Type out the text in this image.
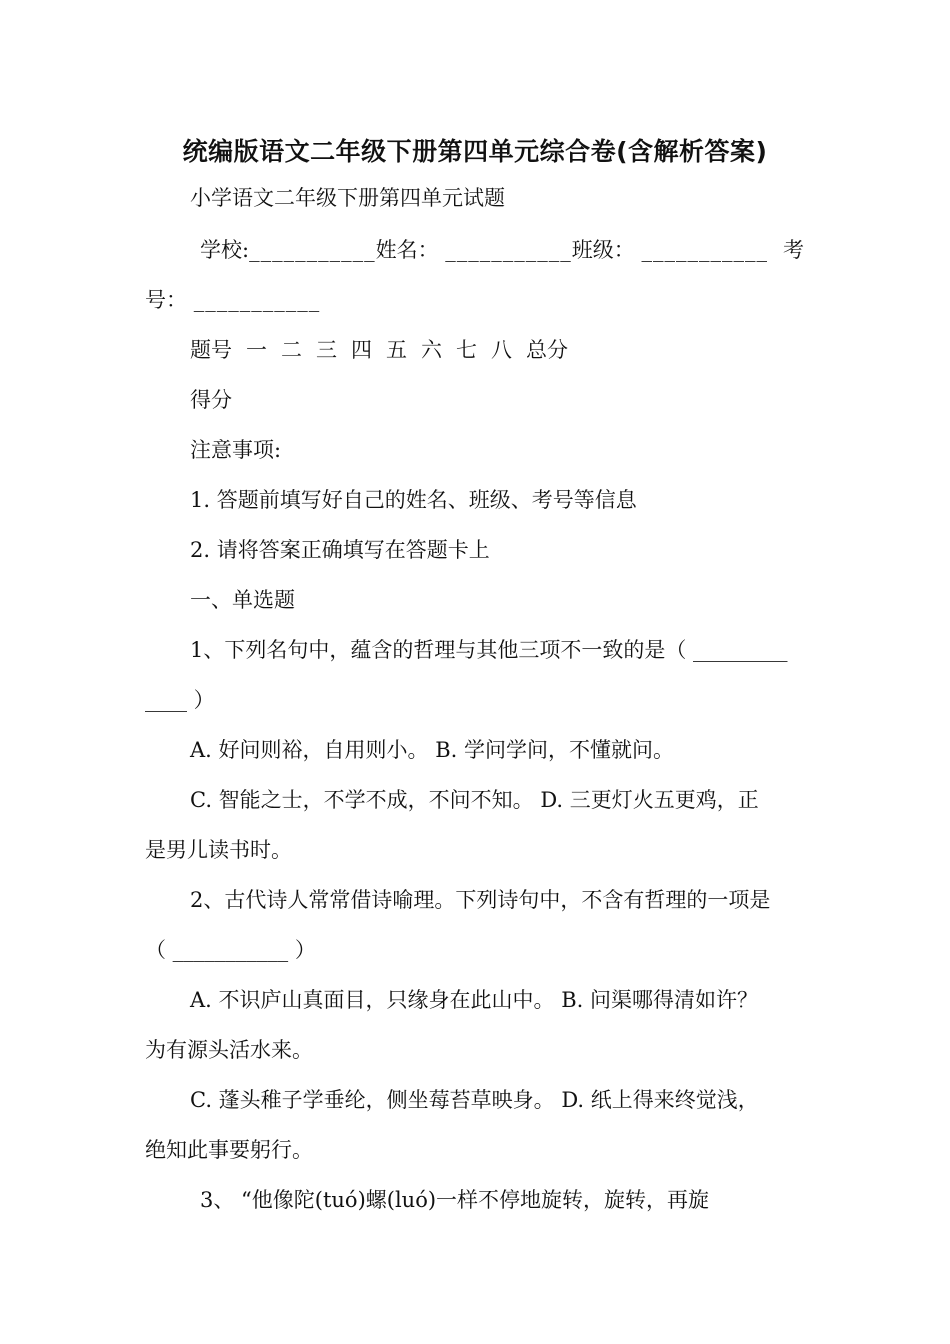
统编版语文二年级下册第四单元综合卷(含解析答案)
小学语文二年级下册第四单元试题
学校:___________姓名： ___________班级： ___________ 考
号： ___________
题号 一 二 三 四 五 六 七 八 总分
得分
注意事项:
1. 答题前填写好自己的姓名、班级、考号等信息
2. 请将答案正确填写在答题卡上
一、单选题
1、下列名句中，蕴含的哲理与其他三项不一致的是（ _________
____ ）
A. 好问则裕，自用则小。 B. 学问学问，不懂就问。
C. 智能之士，不学不成，不问不知。 D. 三更灯火五更鸡，正
是男儿读书时。
2、古代诗人常常借诗喻理。下列诗句中，不含有哲理的一项是
（ ___________ ）
A. 不识庐山真面目，只缘身在此山中。 B. 问渠哪得清如许？
为有源头活水来。
C. 蓬头稚子学垂纶，侧坐莓苔草映身。 D. 纸上得来终觉浅，
绝知此事要躬行。
3、 “他像陀(tuó)螺(luó)一样不停地旋转，旋转，再旋
